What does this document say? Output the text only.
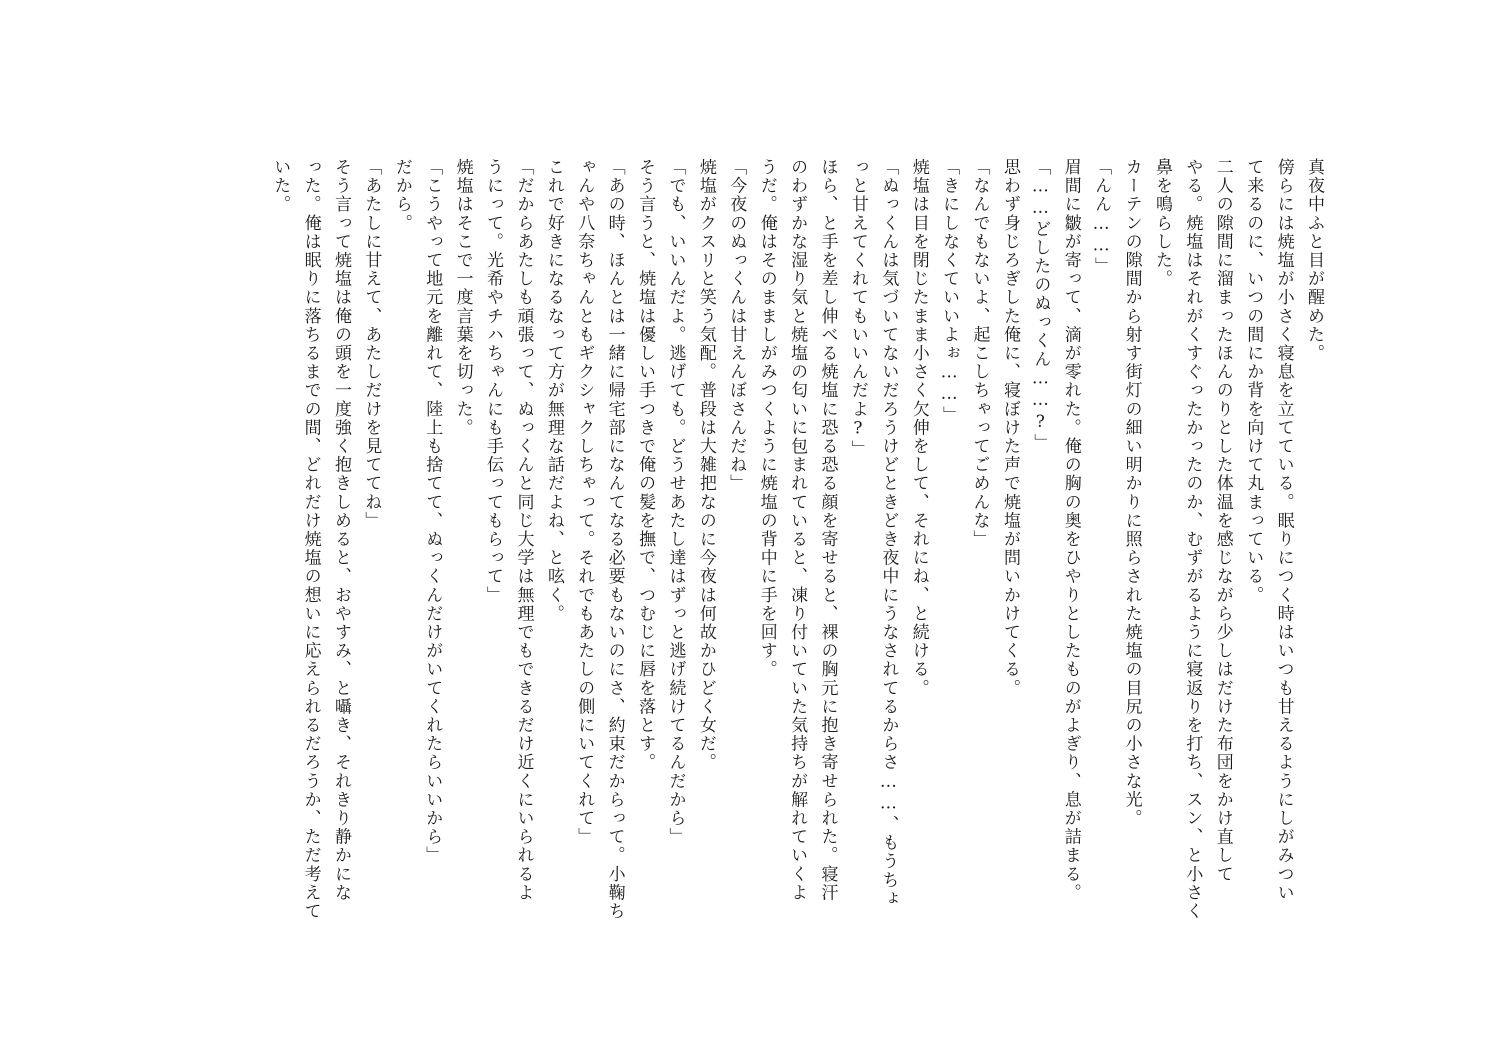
真夜中ふと目が醒めた。
傍らには焼塩が小さく寝息を立てている。眠りにつく時はいつも甘えるようにしがみつい
て来るのに、いつの間にか背を向けて丸まっている。
二人の隙間に溜まったほんのりとした体温を感じながら少しはだけた布団をかけ直して
やる。焼塩はそれがくすぐったかったのか、むずがるように寝返りを打ち、スン、と小さく
鼻を鳴らした。
カーテンの隙間から射す街灯の細い明かりに照らされた焼塩の目尻の小さな光。
「んん……」
眉間に皺が寄って、滴が零れた。俺の胸の奥をひやりとしたものがよぎり、息が詰まる。
「……どしたのぬっくん……?」
思わず身じろぎした俺に、寝ぼけた声で焼塩が問いかけてくる。
「なんでもないよ、起こしちゃってごめんな」
「きにしなくていいよぉ……」
焼塩は目を閉じたまま小さく欠伸をして、それにね、と続ける。
「ぬっくんは気づいてないだろうけどときどき夜中にうなされてるからさ……、もうちょ
っと甘えてくれてもいいんだよ?」
ほら、と手を差し伸べる焼塩に恐る恐る顔を寄せると、裸の胸元に抱き寄せられた。寝汗
のわずかな湿り気と焼塩の匂いに包まれていると、凍り付いていた気持ちが解れていくよ
うだ。俺はそのまましがみつくように焼塩の背中に手を回す。
「今夜のぬっくんは甘えんぼさんだね」
焼塩がクスリと笑う気配。普段は大雑把なのに今夜は何故かひどく女だ。
「でも、いいんだよ。逃げても。どうせあたし達はずっと逃げ続けてるんだから」
そう言うと、焼塩は優しい手つきで俺の髪を撫で、つむじに唇を落とす。
「あの時、ほんとは一緒に帰宅部になんてなる必要もないのにさ、約束だからって。小鞠ち
ゃんや八奈ちゃんともギクシャクしちゃって。それでもあたしの側にいてくれて」
これで好きになるなって方が無理な話だよね、と呟く。
「だからあたしも頑張って、ぬっくんと同じ大学は無理でもできるだけ近くにいられるよ
うにって。光希やチハちゃんにも手伝ってもらって」
焼塩はそこで一度言葉を切った。
「こうやって地元を離れて、陸上も捨てて、ぬっくんだけがいてくれたらいいから」
だから。
「あたしに甘えて、あたしだけを見ててね」
そう言って焼塩は俺の頭を一度強く抱きしめると、おやすみ、と囁き、それきり静かにな
った。俺は眠りに落ちるまでの間、どれだけ焼塩の想いに応えられるだろうか、ただ考えて
いた。
